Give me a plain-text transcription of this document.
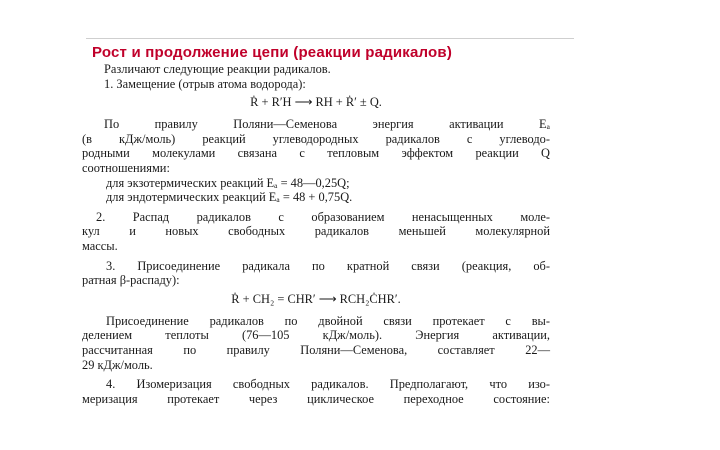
Рост и продолжение цепи (реакции радикалов)
Различают следующие реакции радикалов.
1. Замещение (отрыв атома водорода):
Ṙ + R′H ⟶ RH + Ṙ′ ± Q.
По правилу Поляни—Семенова энергия активации Eₐ
(в кДж/моль) реакций углеводородных радикалов с углеводо-
родными молекулами связана с тепловым эффектом реакции Q
соотношениями:
для экзотермических реакций Eₐ = 48—0,25Q;
для эндотермических реакций Eₐ = 48 + 0,75Q.
2. Распад радикалов с образованием ненасыщенных моле-
кул и новых свободных радикалов меньшей молекулярной
массы.
3. Присоединение радикала по кратной связи (реакция, об-
ратная β-распаду):
Ṙ + CH₂ = CHR′ ⟶ RCH₂ĊHR′.
Присоединение радикалов по двойной связи протекает с вы-
делением теплоты (76—105 кДж/моль). Энергия активации,
рассчитанная по правилу Поляни—Семенова, составляет 22—
29 кДж/моль.
4. Изомеризация свободных радикалов. Предполагают, что изо-
меризация протекает через циклическое переходное состояние:
